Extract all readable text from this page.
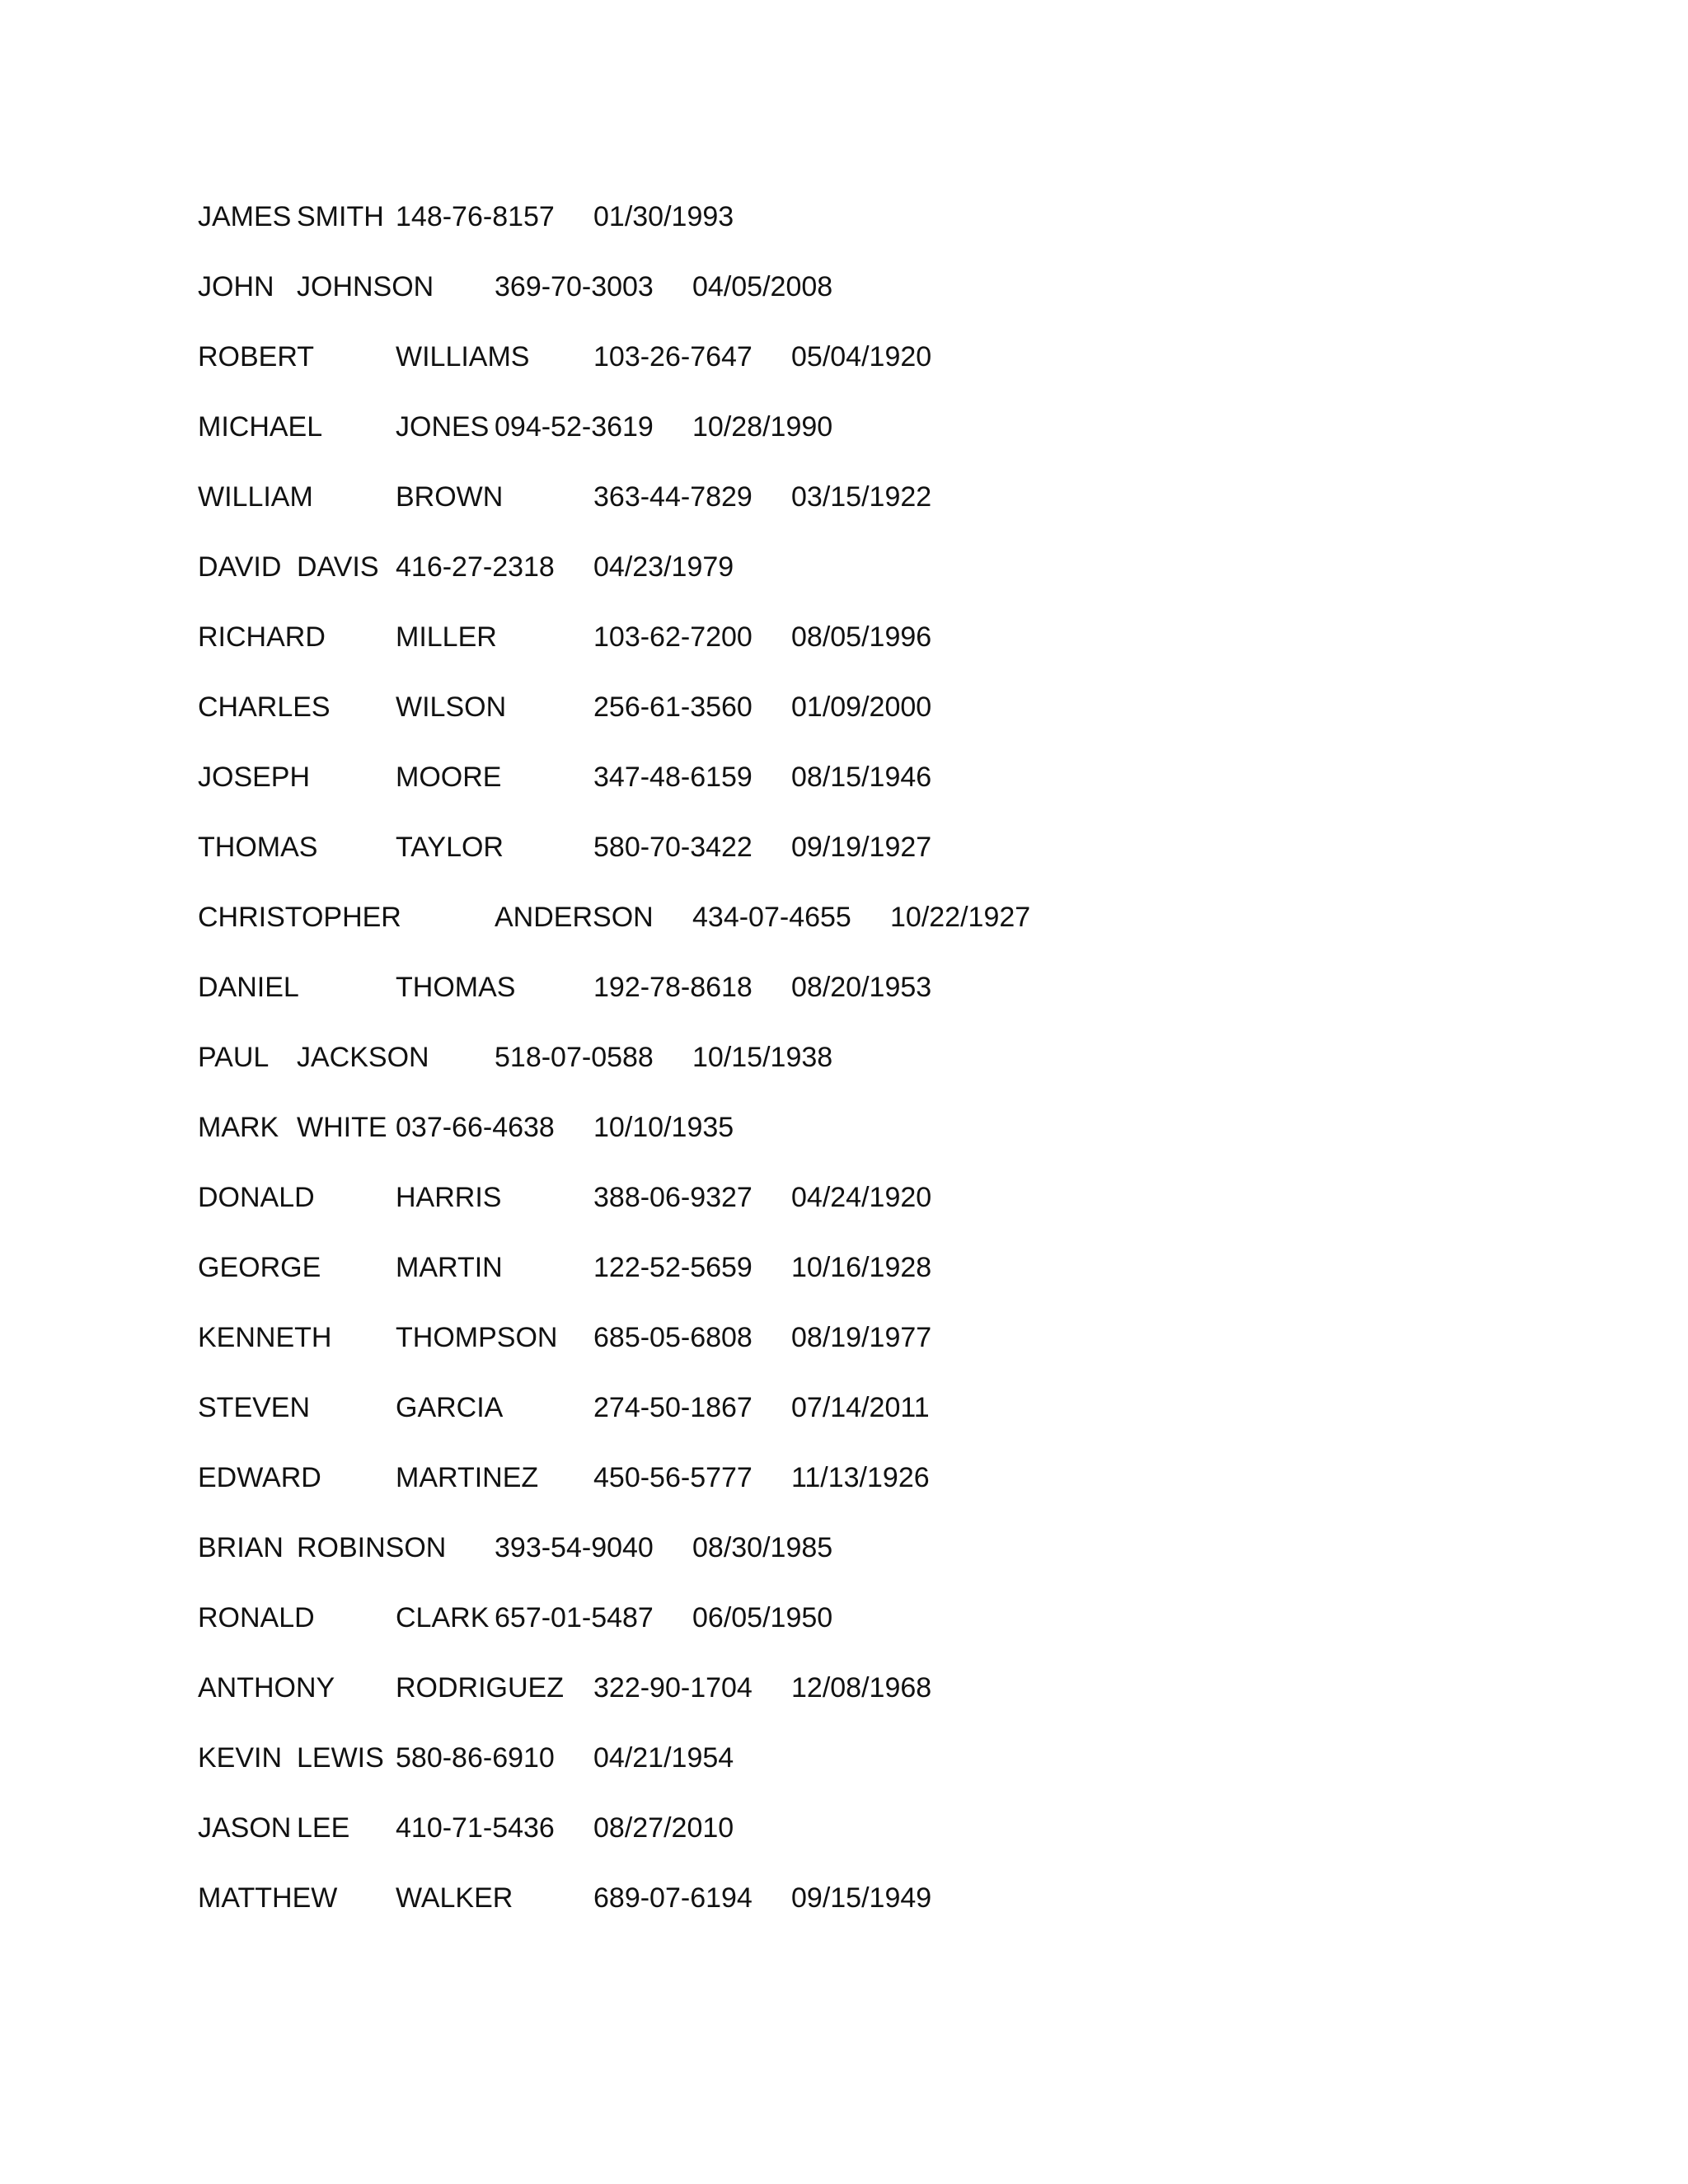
JAMES SMITH 148-76-8157 01/30/1993
JOHN JOHNSON 369-70-3003 04/05/2008
ROBERT	WILLIAMS 103-26-7647 05/04/1920
MICHAEL	JONES 094-52-3619 10/28/1990
WILLIAM	BROWN	363-44-7829 03/15/1922
DAVID DAVIS 416-27-2318 04/23/1979
RICHARD	MILLER	103-62-7200 08/05/1996
CHARLES WILSON	256-61-3560 01/09/2000
JOSEPH	MOORE	347-48-6159 08/15/1946
THOMAS	TAYLOR	580-70-3422 09/19/1927
CHRISTOPHER	ANDERSON 434-07-4655 10/22/1927
DANIEL	THOMAS	192-78-8618 08/20/1953
PAUL JACKSON 518-07-0588 10/15/1938
MARK WHITE 037-66-4638 10/10/1935
DONALD	HARRIS	388-06-9327 04/24/1920
GEORGE	MARTIN	122-52-5659 10/16/1928
KENNETH THOMPSON 685-05-6808 08/19/1977
STEVEN	GARCIA	274-50-1867 07/14/2011
EDWARD	MARTINEZ 450-56-5777 11/13/1926
BRIAN ROBINSON 393-54-9040 08/30/1985
RONALD	CLARK 657-01-5487 06/05/1950
ANTHONY RODRIGUEZ 322-90-1704 12/08/1968
KEVIN LEWIS 580-86-6910 04/21/1954
JASON LEE 410-71-5436 08/27/2010
MATTHEW WALKER	689-07-6194 09/15/1949
